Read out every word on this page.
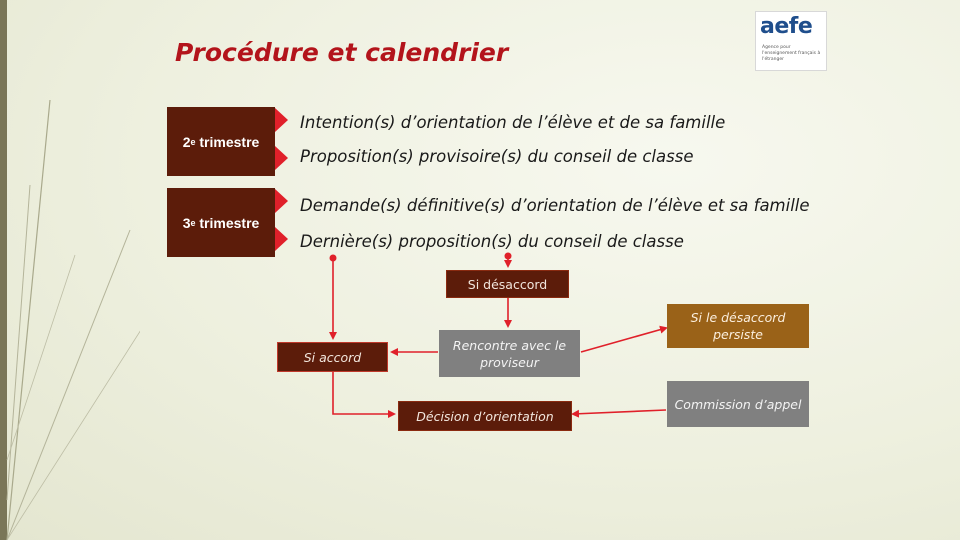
Procédure et calendrier
aefe
Agence pour l'enseignement français à l'étranger
2 e
trimestre
3 e
trimestre
Intention(s) d’orientation de l’élève et de sa famille
Proposition(s) provisoire(s) du conseil de classe
Demande(s) définitive(s) d’orientation de l’élève et sa famille
Dernière(s) proposition(s) du conseil de classe
Si désaccord
Si accord
Rencontre avec le proviseur
Si le désaccord persiste
Décision d’orientation
Commission d’appel
